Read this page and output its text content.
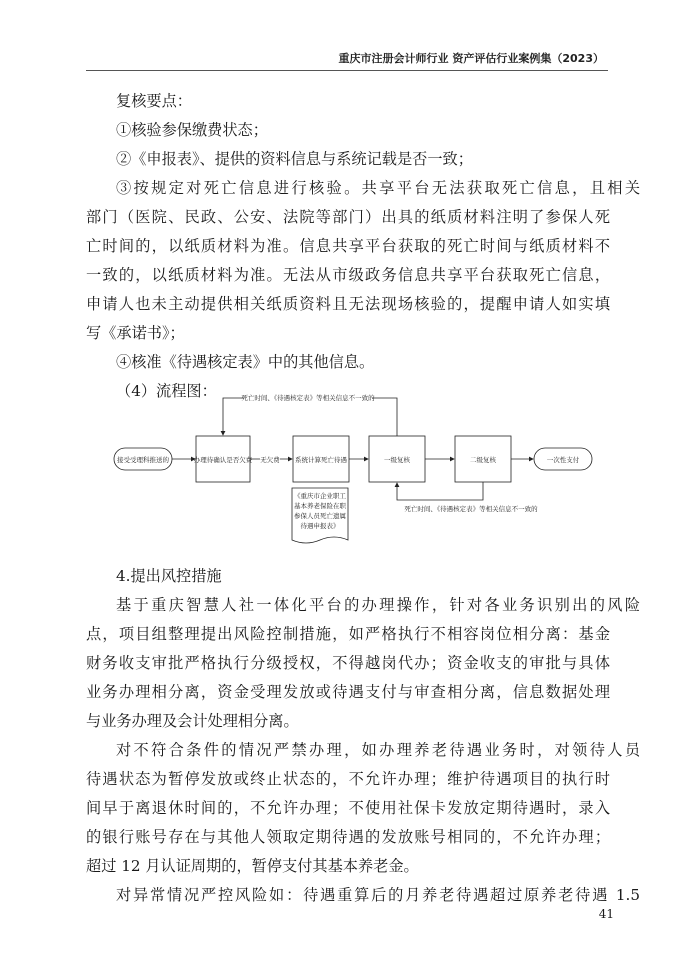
重庆市注册会计师行业 资产评估行业案例集（2023）

复核要点：

①核验参保缴费状态；

②《申报表》、提供的资料信息与系统记载是否一致；

③按规定对死亡信息进行核验。共享平台无法获取死亡信息，且相关

部门（医院、民政、公安、法院等部门）出具的纸质材料注明了参保人死

亡时间的，以纸质材料为准。信息共享平台获取的死亡时间与纸质材料不

一致的，以纸质材料为准。无法从市级政务信息共享平台获取死亡信息，

申请人也未主动提供相关纸质资料且无法现场核验的，提醒申请人如实填

写《承诺书》；

④核准《待遇核定表》中的其他信息。

（4）流程图：

接受受理科推送的	办理待确认是否欠费	系统计算死亡待遇	一级复核	二级复核	一次性支付
无欠费
死亡时间、《待遇核定表》等相关信息不一致的
死亡时间、《待遇核定表》等相关信息不一致的
《重庆市企业职工
基本养老保险在职
参保人员死亡遗属
待遇申报表》

4.提出风控措施

基于重庆智慧人社一体化平台的办理操作，针对各业务识别出的风险

点，项目组整理提出风险控制措施，如严格执行不相容岗位相分离：基金

财务收支审批严格执行分级授权，不得越岗代办；资金收支的审批与具体

业务办理相分离，资金受理发放或待遇支付与审查相分离，信息数据处理

与业务办理及会计处理相分离。

对不符合条件的情况严禁办理，如办理养老待遇业务时，对领待人员

待遇状态为暂停发放或终止状态的，不允许办理；维护待遇项目的执行时

间早于离退休时间的，不允许办理；不使用社保卡发放定期待遇时，录入

的银行账号存在与其他人领取定期待遇的发放账号相同的，不允许办理；

超过 12 月认证周期的，暂停支付其基本养老金。

对异常情况严控风险如：待遇重算后的月养老待遇超过原养老待遇 1.5

41
